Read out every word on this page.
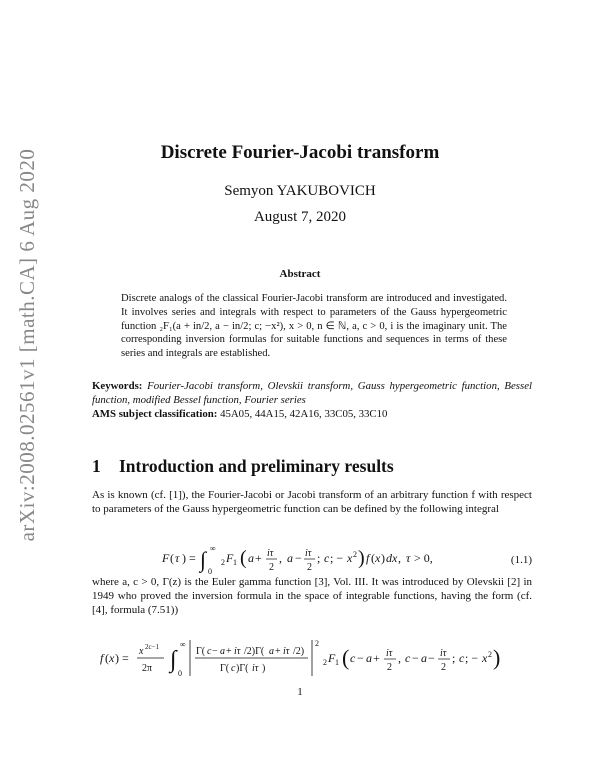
arXiv:2008.02561v1 [math.CA] 6 Aug 2020	Discrete Fourier-Jacobi transform
Semyon YAKUBOVICH
August 7, 2020
Abstract
Discrete analogs of the classical Fourier-Jacobi transform are introduced and investigated. It involves series and integrals with respect to parameters of the Gauss hypergeometric function ₂F₁(a + in/2, a − in/2; c; −x²), x > 0, n ∈ ℕ, a, c > 0, i is the imaginary unit. The corresponding inversion formulas for suitable functions and sequences in terms of these series and integrals are established.
Keywords: Fourier-Jacobi transform, Olevskii transform, Gauss hypergeometric function, Bessel function, modified Bessel function, Fourier series
AMS subject classification: 45A05, 44A15, 42A16, 33C05, 33C10
1 Introduction and preliminary results
As is known (cf. [1]), the Fourier-Jacobi or Jacobi transform of an arbitrary function f with respect to parameters of the Gauss hypergeometric function can be defined by the following integral
F ( τ ) = ∫ ∞
0
2 F 1 ( a + iτ
2
, a − iτ
2
; c ; − x 2 ) f ( x ) dx , τ > 0,	(1.1)
where a, c > 0, Γ(z) is the Euler gamma function [3], Vol. III. It was introduced by Olevskii [2] in 1949 who proved the inversion formula in the space of integrable functions, having the form (cf. [4], formula (7.51))
f ( x ) = x 2c−1
2π ∫
∞
0
Γ( c − a + iτ /2)Γ( a + iτ /2)
Γ( c )Γ( iτ )
2
2 F 1 ( c − a + iτ
2
, c − a − iτ
2
; c ; − x 2 )
1
